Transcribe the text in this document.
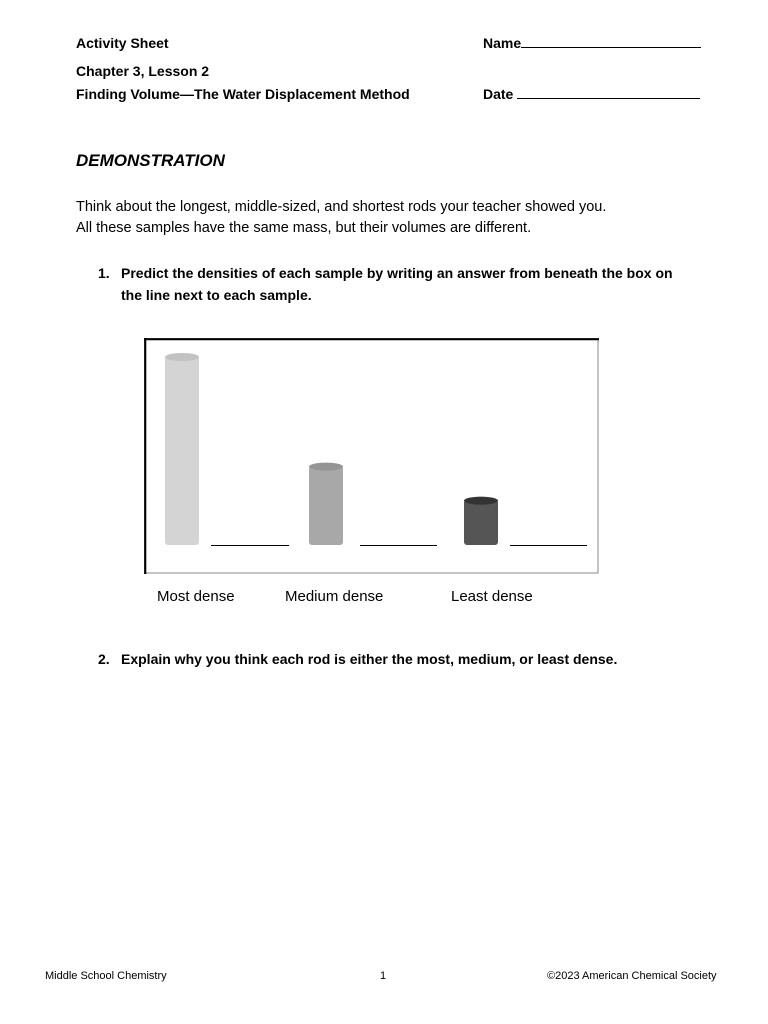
Activity Sheet
Chapter 3, Lesson 2
Finding Volume—The Water Displacement Method
Name
Date
DEMONSTRATION
Think about the longest, middle-sized, and shortest rods your teacher showed you.
All these samples have the same mass, but their volumes are different.
1. Predict the densities of each sample by writing an answer from beneath the box on the line next to each sample.
Most dense	Medium dense	Least dense
2. Explain why you think each rod is either the most, medium, or least dense.
Middle School Chemistry	1	©2023 American Chemical Society
